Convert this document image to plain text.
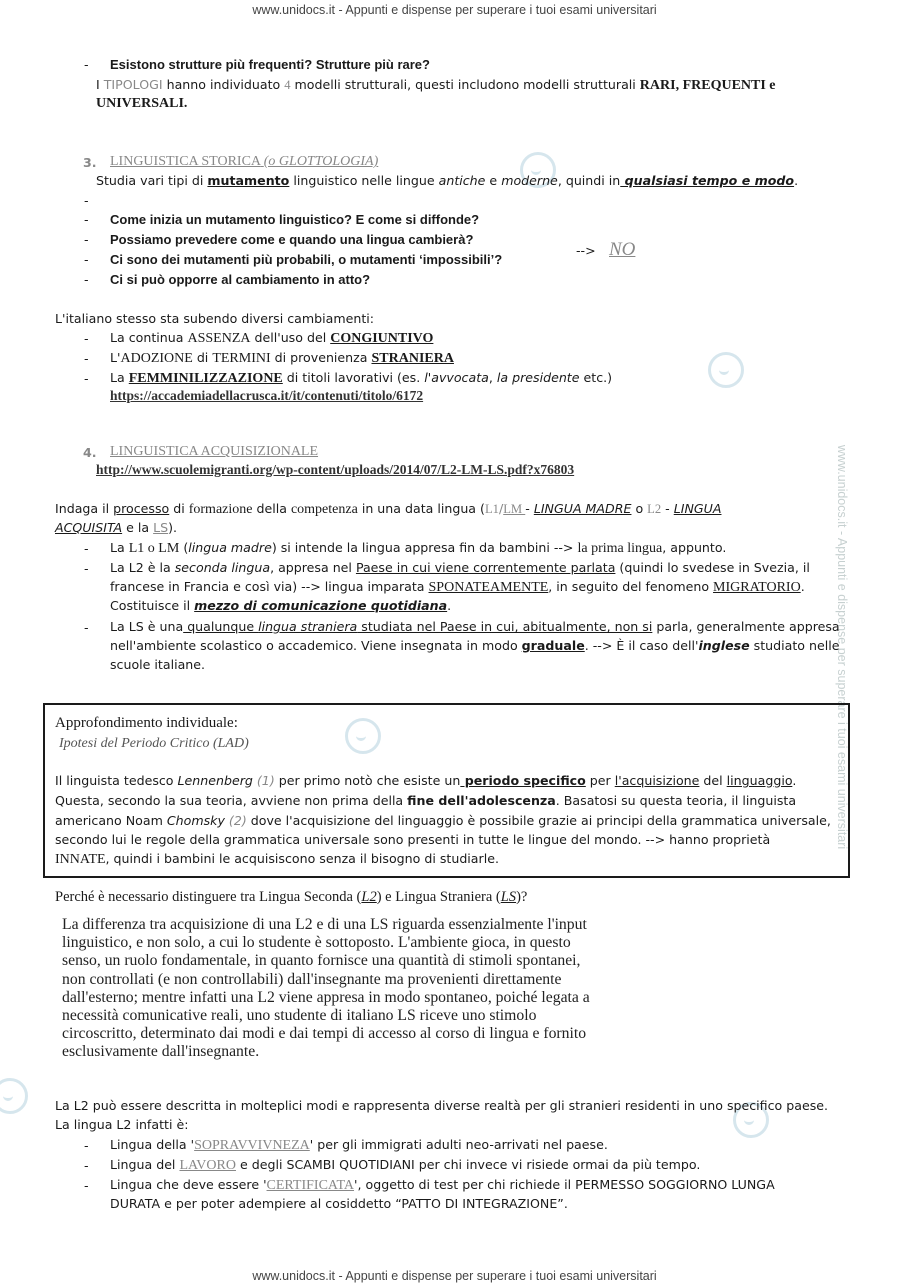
www.unidocs.it - Appunti e dispense per superare i tuoi esami universitari
www.unidocs.it - Appunti e dispense per superare i tuoi esami universitari
www.unidocs.it - Appunti e dispense per superare i tuoi esami universitari
- Esistono strutture più frequenti? Strutture più rare?
I TIPOLOGI hanno individuato 4 modelli strutturali, questi includono modelli strutturali RARI, FREQUENTI e
UNIVERSALI.
3. LINGUISTICA STORICA (o GLOTTOLOGIA)
Studia vari tipi di mutamento linguistico nelle lingue antiche e moderne, quindi in qualsiasi tempo e modo.
-
- Come inizia un mutamento linguistico? E come si diffonde?
- Possiamo prevedere come e quando una lingua cambierà?
- Ci sono dei mutamenti più probabili, o mutamenti ‘impossibili’?
- Ci si può opporre al cambiamento in atto?
--> NO
L'italiano stesso sta subendo diversi cambiamenti:
- La continua ASSENZA dell'uso del CONGIUNTIVO
- L'ADOZIONE di TERMINI di provenienza STRANIERA
- La FEMMINILIZZAZIONE di titoli lavorativi (es. l'avvocata, la presidente etc.)
https://accademiadellacrusca.it/it/contenuti/titolo/6172
4. LINGUISTICA ACQUISIZIONALE
http://www.scuolemigranti.org/wp-content/uploads/2014/07/L2-LM-LS.pdf?x76803
Indaga il processo di formazione della competenza in una data lingua (L1/LM - LINGUA MADRE o L2 - LINGUA
ACQUISITA e la LS).
- La L1 o LM (lingua madre) si intende la lingua appresa fin da bambini --> la prima lingua, appunto.
- La L2 è la seconda lingua, appresa nel Paese in cui viene correntemente parlata (quindi lo svedese in Svezia, il
francese in Francia e così via) --> lingua imparata SPONATEAMENTE, in seguito del fenomeno MIGRATORIO.
Costituisce il mezzo di comunicazione quotidiana.
- La LS è una qualunque lingua straniera studiata nel Paese in cui, abitualmente, non si parla, generalmente appresa
nell'ambiente scolastico o accademico. Viene insegnata in modo graduale. --> È il caso dell'inglese studiato nelle
scuole italiane.
Approfondimento individuale:
Ipotesi del Periodo Critico (LAD)
Il linguista tedesco Lennenberg (1) per primo notò che esiste un periodo specifico per l'acquisizione del linguaggio.
Questa, secondo la sua teoria, avviene non prima della fine dell'adolescenza. Basatosi su questa teoria, il linguista
americano Noam Chomsky (2) dove l'acquisizione del linguaggio è possibile grazie ai principi della grammatica universale,
secondo lui le regole della grammatica universale sono presenti in tutte le lingue del mondo. --> hanno proprietà
INNATE, quindi i bambini le acquisiscono senza il bisogno di studiarle.
Perché è necessario distinguere tra Lingua Seconda (L2) e Lingua Straniera (LS)?
La differenza tra acquisizione di una L2 e di una LS riguarda essenzialmente l'input
linguistico, e non solo, a cui lo studente è sottoposto. L'ambiente gioca, in questo
senso, un ruolo fondamentale, in quanto fornisce una quantità di stimoli spontanei,
non controllati (e non controllabili) dall'insegnante ma provenienti direttamente
dall'esterno; mentre infatti una L2 viene appresa in modo spontaneo, poiché legata a
necessità comunicative reali, uno studente di italiano LS riceve uno stimolo
circoscritto, determinato dai modi e dai tempi di accesso al corso di lingua e fornito
esclusivamente dall'insegnante.
La L2 può essere descritta in molteplici modi e rappresenta diverse realtà per gli stranieri residenti in uno specifico paese.
La lingua L2 infatti è:
- Lingua della 'SOPRAVVIVNEZA' per gli immigrati adulti neo-arrivati nel paese.
- Lingua del LAVORO e degli SCAMBI QUOTIDIANI per chi invece vi risiede ormai da più tempo.
- Lingua che deve essere 'CERTIFICATA', oggetto di test per chi richiede il PERMESSO SOGGIORNO LUNGA
DURATA e per poter adempiere al cosiddetto “PATTO DI INTEGRAZIONE”.
